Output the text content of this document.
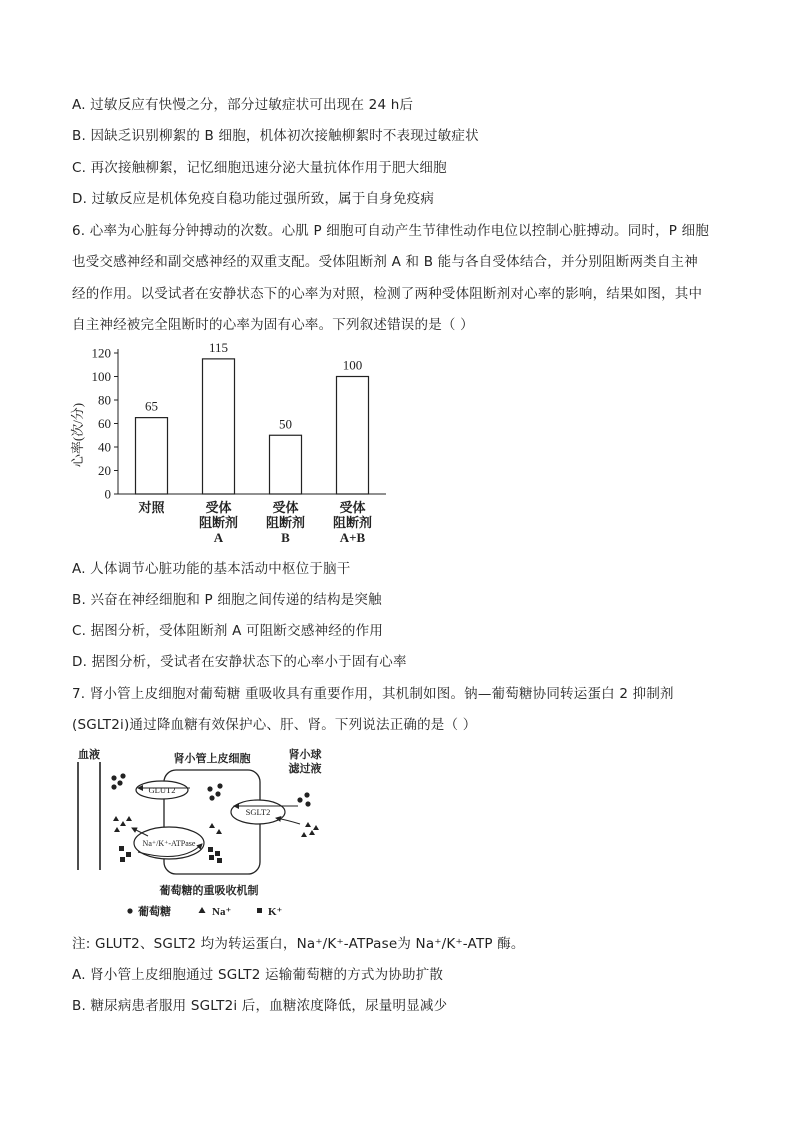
A. 过敏反应有快慢之分，部分过敏症状可出现在 24 h后
B. 因缺乏识别柳絮的 B 细胞，机体初次接触柳絮时不表现过敏症状
C. 再次接触柳絮，记忆细胞迅速分泌大量抗体作用于肥大细胞
D. 过敏反应是机体免疫自稳功能过强所致，属于自身免疫病
6. 心率为心脏每分钟搏动的次数。心肌 P 细胞可自动产生节律性动作电位以控制心脏搏动。同时，P 细胞
也受交感神经和副交感神经的双重支配。受体阻断剂 A 和 B 能与各自受体结合，并分别阻断两类自主神
经的作用。以受试者在安静状态下的心率为对照，检测了两种受体阻断剂对心率的影响，结果如图，其中
自主神经被完全阻断时的心率为固有心率。下列叙述错误的是（ ）
0
20
40
60
80
100
120
65
115
50
100
对照	受体
阻断剂
A
受体
阻断剂
B
受体
阻断剂
A+B
心率(次/分)
A. 人体调节心脏功能的基本活动中枢位于脑干
B. 兴奋在神经细胞和 P 细胞之间传递的结构是突触
C. 据图分析，受体阻断剂 A 可阻断交感神经的作用
D. 据图分析，受试者在安静状态下的心率小于固有心率
7. 肾小管上皮细胞对葡萄糖 重吸收具有重要作用，其机制如图。钠—葡萄糖协同转运蛋白 2 抑制剂
(SGLT2i)通过降血糖有效保护心、肝、肾。下列说法正确的是（ ）
血液	肾小管上皮细胞	肾小球
滤过液
GLUT2
SGLT2
Na⁺/K⁺-ATPase
葡萄糖的重吸收机制
葡萄糖	Na⁺	K⁺
注: GLUT2、SGLT2 均为转运蛋白，Na⁺/K⁺-ATPase为 Na⁺/K⁺-ATP 酶。
A. 肾小管上皮细胞通过 SGLT2 运输葡萄糖的方式为协助扩散
B. 糖尿病患者服用 SGLT2i 后，血糖浓度降低，尿量明显减少
